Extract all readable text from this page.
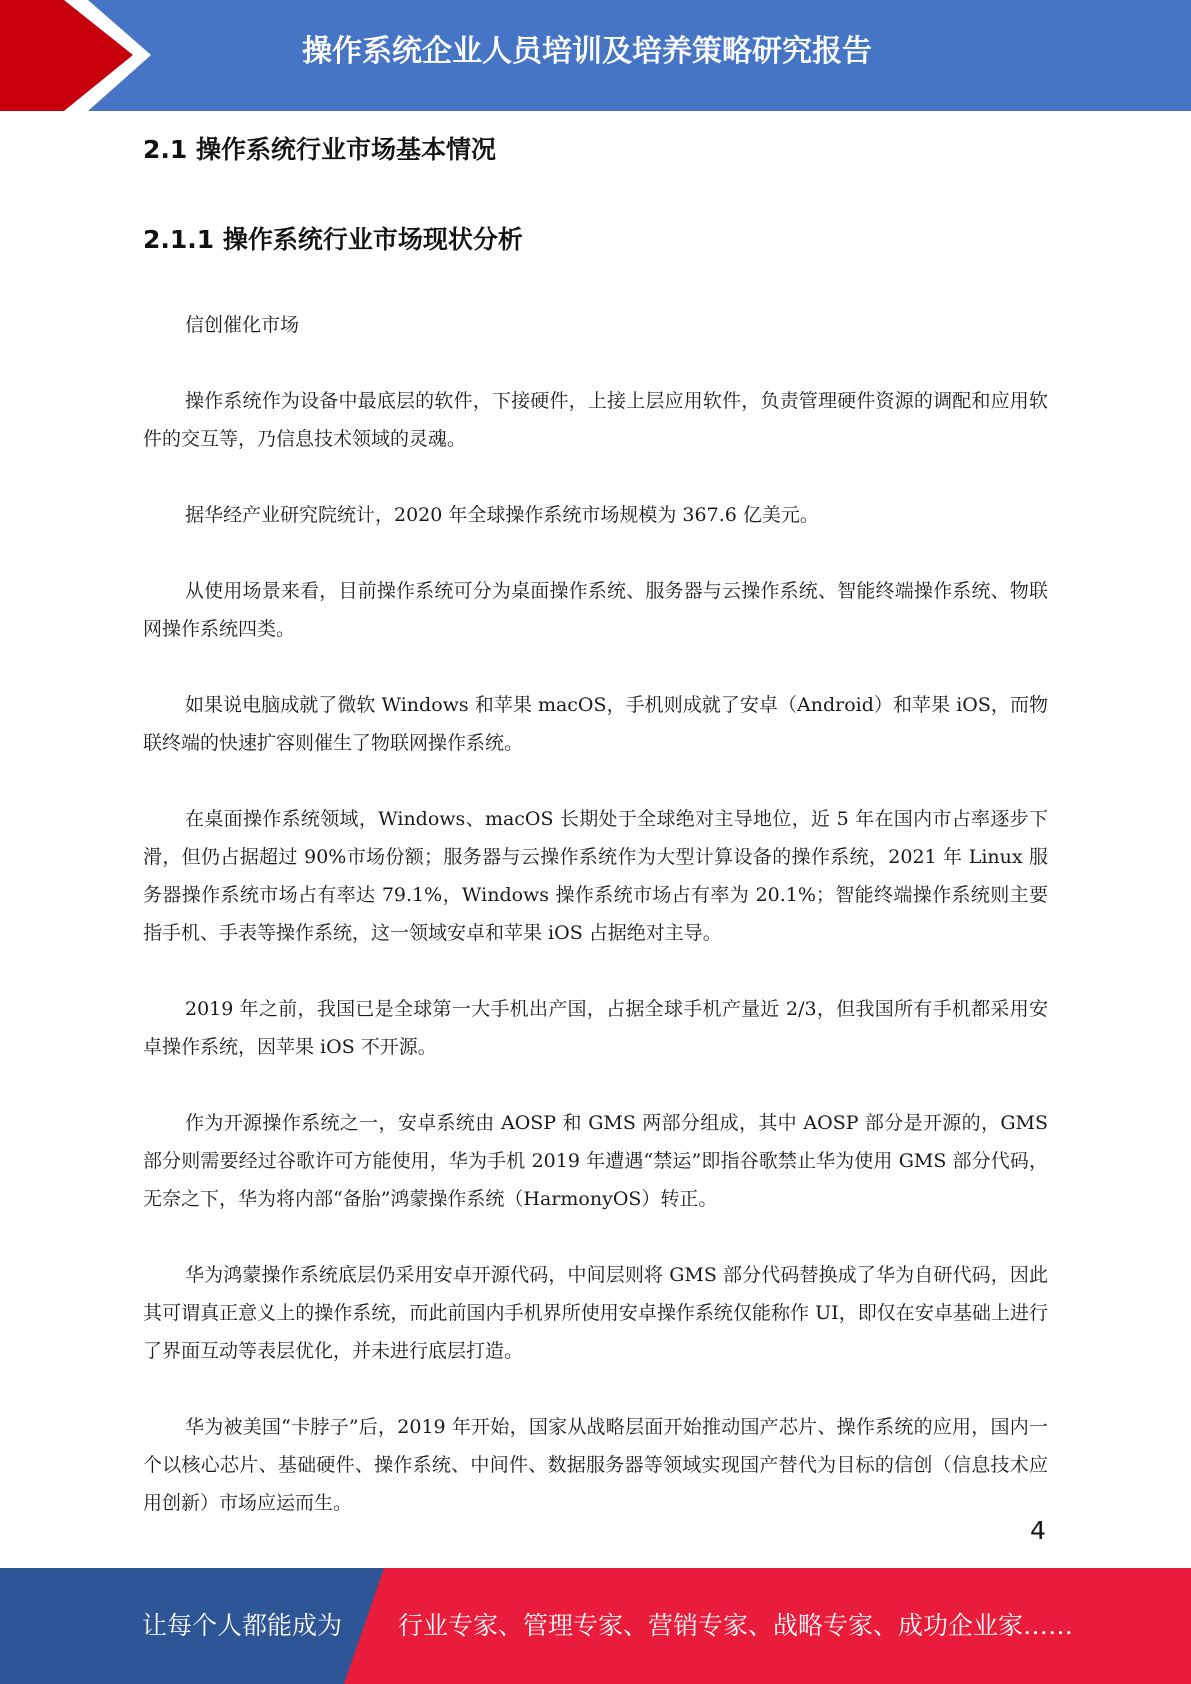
操作系统企业人员培训及培养策略研究报告
2.1 操作系统行业市场基本情况
2.1.1 操作系统行业市场现状分析

信创催化市场

操作系统作为设备中最底层的软件，下接硬件，上接上层应用软件，负责管理硬件资源的调配和应用软件的交互等，乃信息技术领域的灵魂。

据华经产业研究院统计，2020 年全球操作系统市场规模为 367.6 亿美元。

从使用场景来看，目前操作系统可分为桌面操作系统、服务器与云操作系统、智能终端操作系统、物联网操作系统四类。

如果说电脑成就了微软 Windows 和苹果 macOS，手机则成就了安卓（Android）和苹果 iOS，而物联终端的快速扩容则催生了物联网操作系统。

在桌面操作系统领域，Windows、macOS 长期处于全球绝对主导地位，近 5 年在国内市占率逐步下滑，但仍占据超过 90%市场份额；服务器与云操作系统作为大型计算设备的操作系统，2021 年 Linux 服务器操作系统市场占有率达 79.1%，Windows 操作系统市场占有率为 20.1%；智能终端操作系统则主要指手机、手表等操作系统，这一领域安卓和苹果 iOS 占据绝对主导。

2019 年之前，我国已是全球第一大手机出产国，占据全球手机产量近 2/3，但我国所有手机都采用安卓操作系统，因苹果 iOS 不开源。

作为开源操作系统之一，安卓系统由 AOSP 和 GMS 两部分组成，其中 AOSP 部分是开源的，GMS 部分则需要经过谷歌许可方能使用，华为手机 2019 年遭遇“禁运”即指谷歌禁止华为使用 GMS 部分代码，无奈之下，华为将内部“备胎”鸿蒙操作系统（HarmonyOS）转正。

华为鸿蒙操作系统底层仍采用安卓开源代码，中间层则将 GMS 部分代码替换成了华为自研代码，因此其可谓真正意义上的操作系统，而此前国内手机界所使用安卓操作系统仅能称作 UI，即仅在安卓基础上进行了界面互动等表层优化，并未进行底层打造。

华为被美国“卡脖子”后，2019 年开始，国家从战略层面开始推动国产芯片、操作系统的应用，国内一个以核心芯片、基础硬件、操作系统、中间件、数据服务器等领域实现国产替代为目标的信创（信息技术应用创新）市场应运而生。

4
让每个人都能成为 行业专家、管理专家、营销专家、战略专家、成功企业家……
